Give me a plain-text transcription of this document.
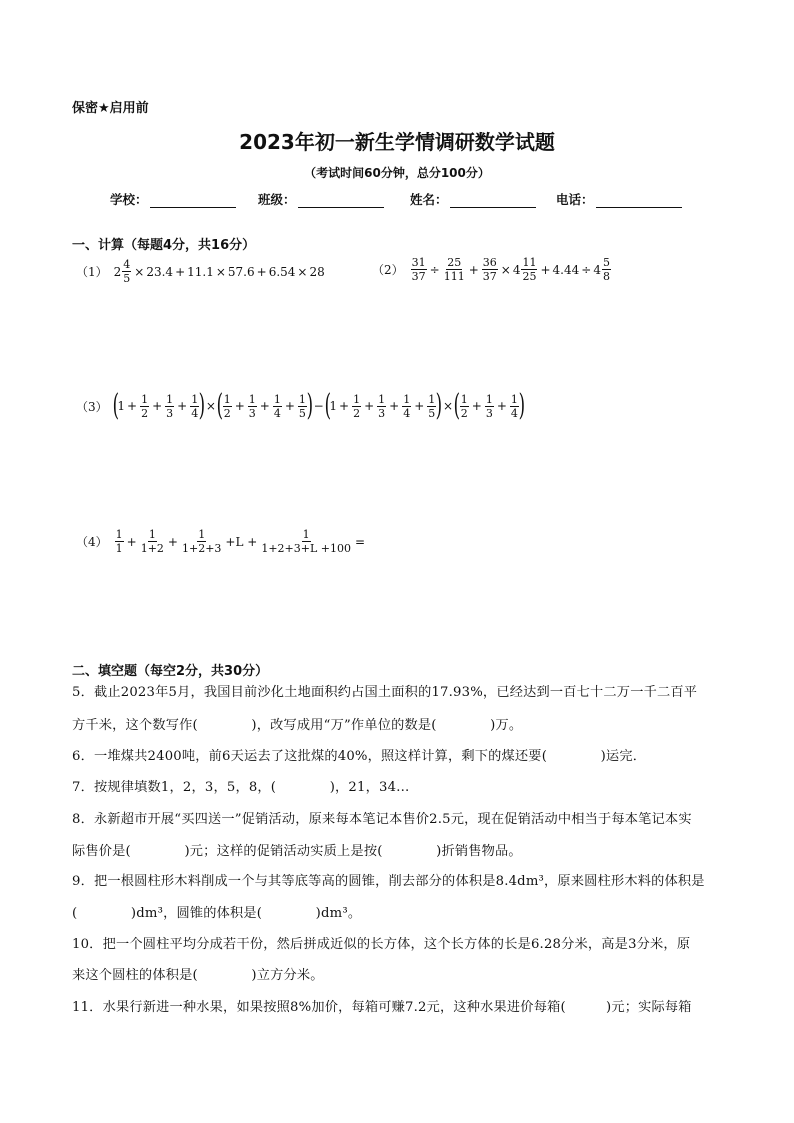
保密★启用前
2023年初一新生学情调研数学试题
（考试时间60分钟，总分100分）
学校：	班级：	姓名：	电话：
一、计算（每题4分，共16分）
（1） $2 \frac{4}{5} \times 23.4 + 11.1 \times 57.6 + 6.54 \times 28$	$(2) \frac{31}{37} \div \frac{25}{111} + \frac{36}{37} \times 4 \frac{11}{25} + 4.44 \div 4 \frac{5}{8}$
（3） (
$1 + \frac{1}{2} + \frac{1}{3} + \frac{1}{4}$ ) × ( $\frac{1}{2} + \frac{1}{3} + \frac{1}{4} + \frac{1}{5}$ ) − (
$1 + \frac{1}{2} + \frac{1}{3} + \frac{1}{4} + \frac{1}{5}$ ) × ( $\frac{1}{2} + \frac{1}{3} + \frac{1}{4}$ )
$(4) \frac{1}{1} + \frac{1}{1+2} + \frac{1}{1+2+3} +L + \frac{1}{1+2+3+L +100}$ =
二、填空题（每空2分，共30分）
5．截止2023年5月，我国目前沙化土地面积约占国土面积的17.93%，已经达到一百七十二万一千二百平
方千米，这个数写作(　　　　)，改写成用“万”作单位的数是(　　　　)万。
6．一堆煤共2400吨，前6天运去了这批煤的40%，照这样计算，剩下的煤还要(　　　　)运完．
7．按规律填数1，2，3，5，8，(　　　　)，21，34…
8．永新超市开展“买四送一”促销活动，原来每本笔记本售价2.5元，现在促销活动中相当于每本笔记本实
际售价是(　　　　)元；这样的促销活动实质上是按(　　　　)折销售物品。
9．把一根圆柱形木料削成一个与其等底等高的圆锥，削去部分的体积是8.4dm³，原来圆柱形木料的体积是
(　　　　)dm³，圆锥的体积是(　　　　)dm³。
10．把一个圆柱平均分成若干份，然后拼成近似的长方体，这个长方体的长是6.28分米，高是3分米，原
来这个圆柱的体积是(　　　　)立方分米。
11．水果行新进一种水果，如果按照8%加价，每箱可赚7.2元，这种水果进价每箱(　　　)元；实际每箱
